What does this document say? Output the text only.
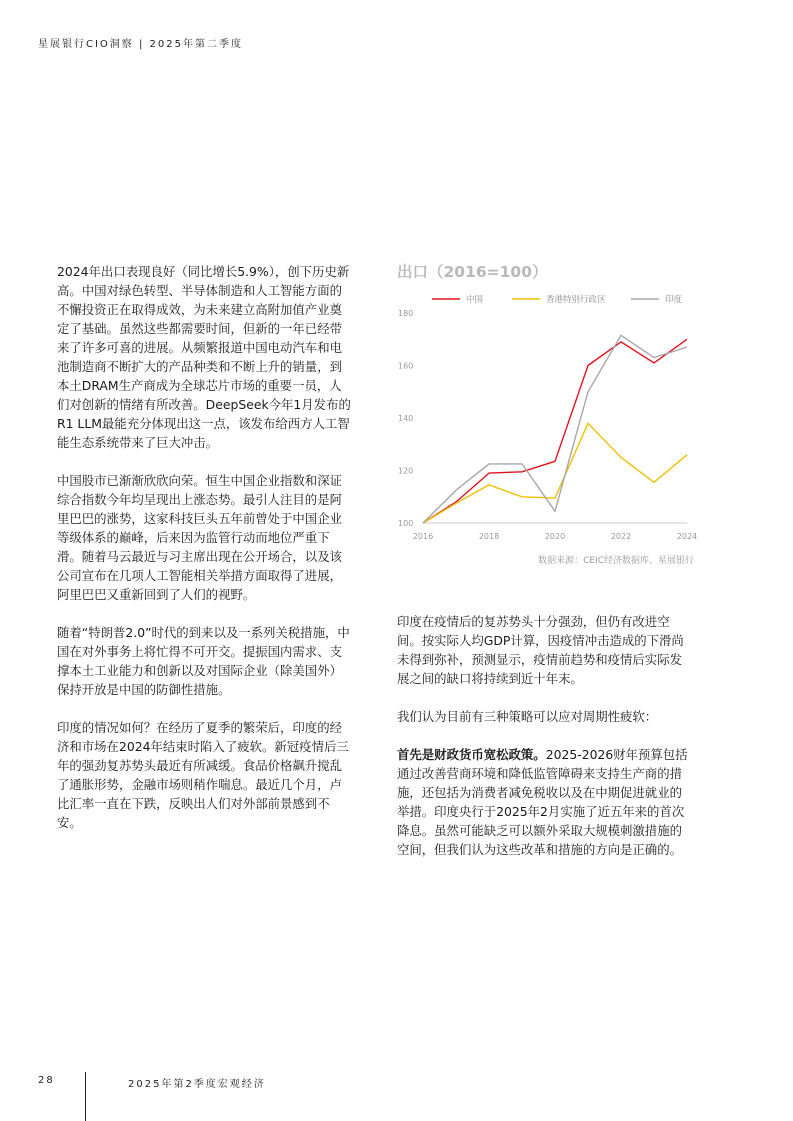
星展银行CIO洞察 | 2025年第二季度

2024年出口表现良好（同比增长5.9%），创下历史新高。中国对绿色转型、半导体制造和人工智能方面的不懈投资正在取得成效，为未来建立高附加值产业奠定了基础。虽然这些都需要时间，但新的一年已经带来了许多可喜的进展。从频繁报道中国电动汽车和电池制造商不断扩大的产品种类和不断上升的销量，到本土DRAM生产商成为全球芯片市场的重要一员，人们对创新的情绪有所改善。DeepSeek今年1月发布的R1 LLM最能充分体现出这一点，该发布给西方人工智能生态系统带来了巨大冲击。

中国股市已渐渐欣欣向荣。恒生中国企业指数和深证综合指数今年均呈现出上涨态势。最引人注目的是阿里巴巴的涨势，这家科技巨头五年前曾处于中国企业等级体系的巅峰，后来因为监管行动而地位严重下滑。随着马云最近与习主席出现在公开场合，以及该公司宣布在几项人工智能相关举措方面取得了进展，阿里巴巴又重新回到了人们的视野。

随着“特朗普2.0”时代的到来以及一系列关税措施，中国在对外事务上将忙得不可开交。提振国内需求、支撑本土工业能力和创新以及对国际企业（除美国外）保持开放是中国的防御性措施。

印度的情况如何？在经历了夏季的繁荣后，印度的经济和市场在2024年结束时陷入了疲软。新冠疫情后三年的强劲复苏势头最近有所减缓。食品价格飙升搅乱了通胀形势，金融市场则稍作喘息。最近几个月，卢比汇率一直在下跌，反映出人们对外部前景感到不安。

出口（2016=100）
100
120
140
160
180
2016	2018	2020	2022	2024
中国	香港特别行政区	印度
数据来源：CEIC经济数据库、星展银行

印度在疫情后的复苏势头十分强劲，但仍有改进空间。按实际人均GDP计算，因疫情冲击造成的下滑尚未得到弥补，预测显示，疫情前趋势和疫情后实际发展之间的缺口将持续到近十年末。

我们认为目前有三种策略可以应对周期性疲软：

首先是财政货币宽松政策。2025-2026财年预算包括通过改善营商环境和降低监管障碍来支持生产商的措施，还包括为消费者减免税收以及在中期促进就业的举措。印度央行于2025年2月实施了近五年来的首次降息。虽然可能缺乏可以额外采取大规模刺激措施的空间，但我们认为这些改革和措施的方向是正确的。

28	2025年第2季度宏观经济
